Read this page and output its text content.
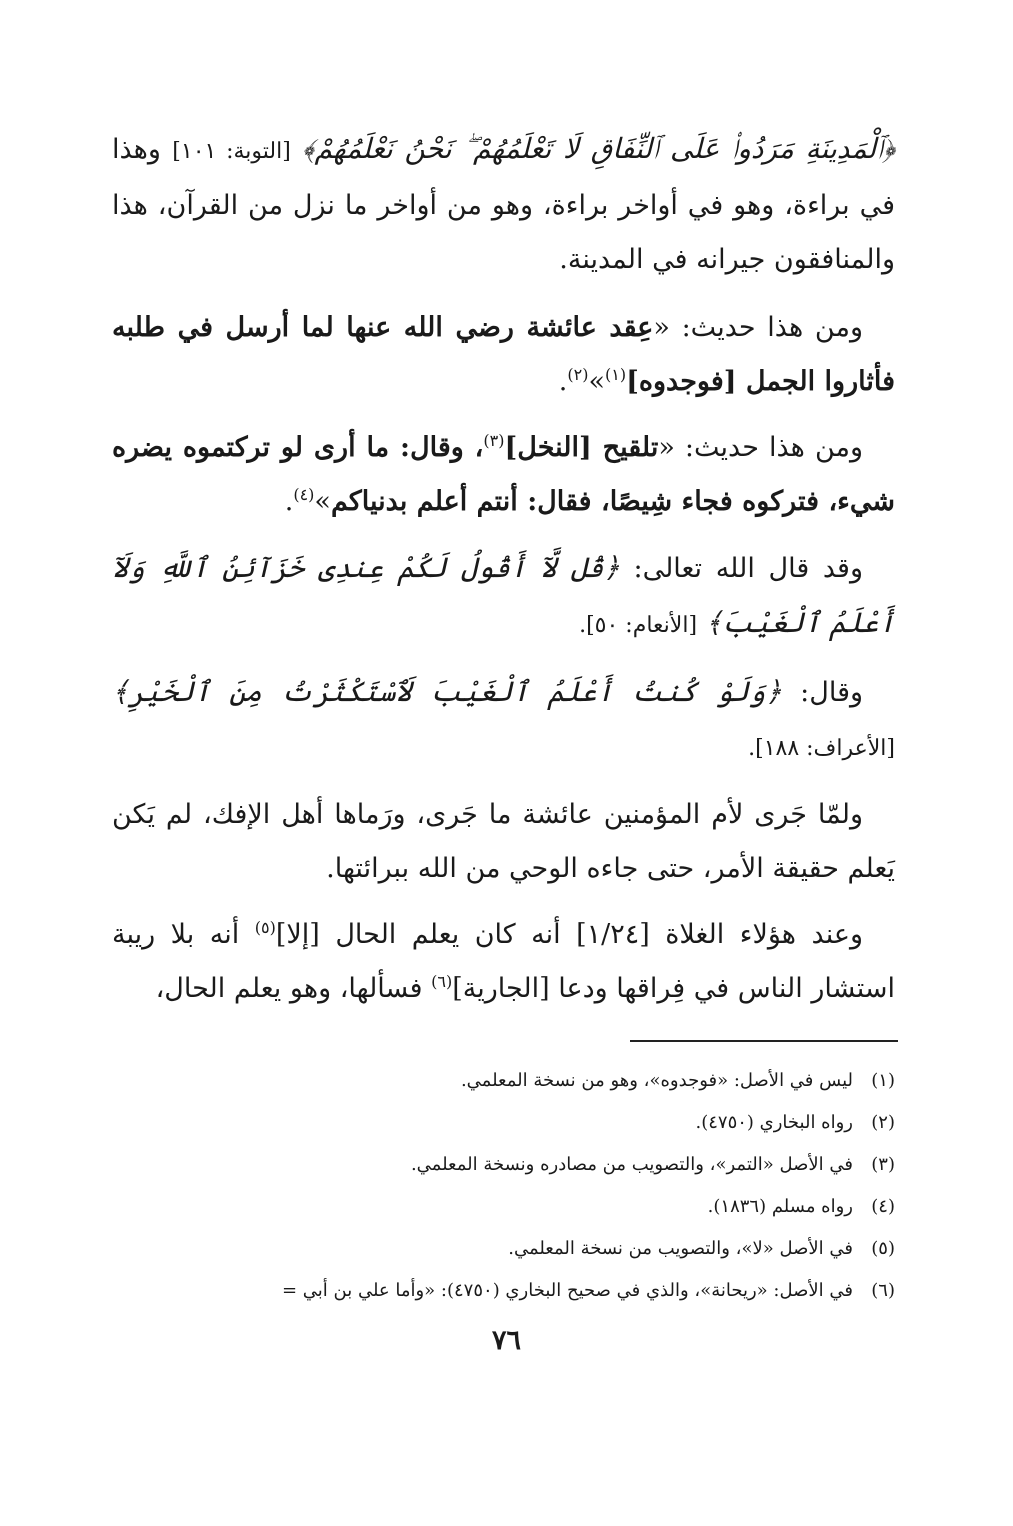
﴿ٱلْمَدِينَةِ مَرَدُوا۟ عَلَى ٱلنِّفَاقِ لَا تَعْلَمُهُمْ ۖ نَحْنُ نَعْلَمُهُمْ﴾ [التوبة: ١٠١] وهذا في براءة، وهو في أواخر براءة، وهو من أواخر ما نزل من القرآن، هذا والمنافقون جيرانه في المدينة.

ومن هذا حديث: «عِقد عائشة رضي الله عنها لما أرسل في طلبه فأثاروا الجمل [فوجدوه]$^{(١)}$»$^{(٢)}$.

ومن هذا حديث: «تلقيح [النخل]$^{(٣)}$، وقال: ما أرى لو تركتموه يضره شيء، فتركوه فجاء شِيصًا، فقال: أنتم أعلم بدنياكم»$^{(٤)}$.

وقد قال الله تعالى: ﴿قُل لَّآ أَقُولُ لَكُمْ عِندِى خَزَآئِنُ ٱللَّهِ وَلَآ أَعْلَمُ ٱلْغَيْبَ﴾ [الأنعام: ٥٠].

وقال: ﴿وَلَوْ كُنتُ أَعْلَمُ ٱلْغَيْبَ لَٱسْتَكْثَرْتُ مِنَ ٱلْخَيْرِ﴾ [الأعراف: ١٨٨].

ولمّا جَرى لأم المؤمنين عائشة ما جَرى، ورَماها أهل الإفك، لم يَكن يَعلم حقيقة الأمر، حتى جاءه الوحي من الله ببرائتها.

وعند هؤلاء الغلاة [١/٢٤] أنه كان يعلم الحال [إلا]$^{(٥)}$ أنه بلا ريبة استشار الناس في فِراقها ودعا [الجارية]$^{(٦)}$ فسألها، وهو يعلم الحال،

(١)ليس في الأصل: «فوجدوه»، وهو من نسخة المعلمي.

(٢)رواه البخاري (٤٧٥٠).

(٣)في الأصل «التمر»، والتصويب من مصادره ونسخة المعلمي.

(٤)رواه مسلم (١٨٣٦).

(٥)في الأصل «لا»، والتصويب من نسخة المعلمي.

(٦)في الأصل: «ريحانة»، والذي في صحيح البخاري (٤٧٥٠): «وأما علي بن أبي =

٧٦
